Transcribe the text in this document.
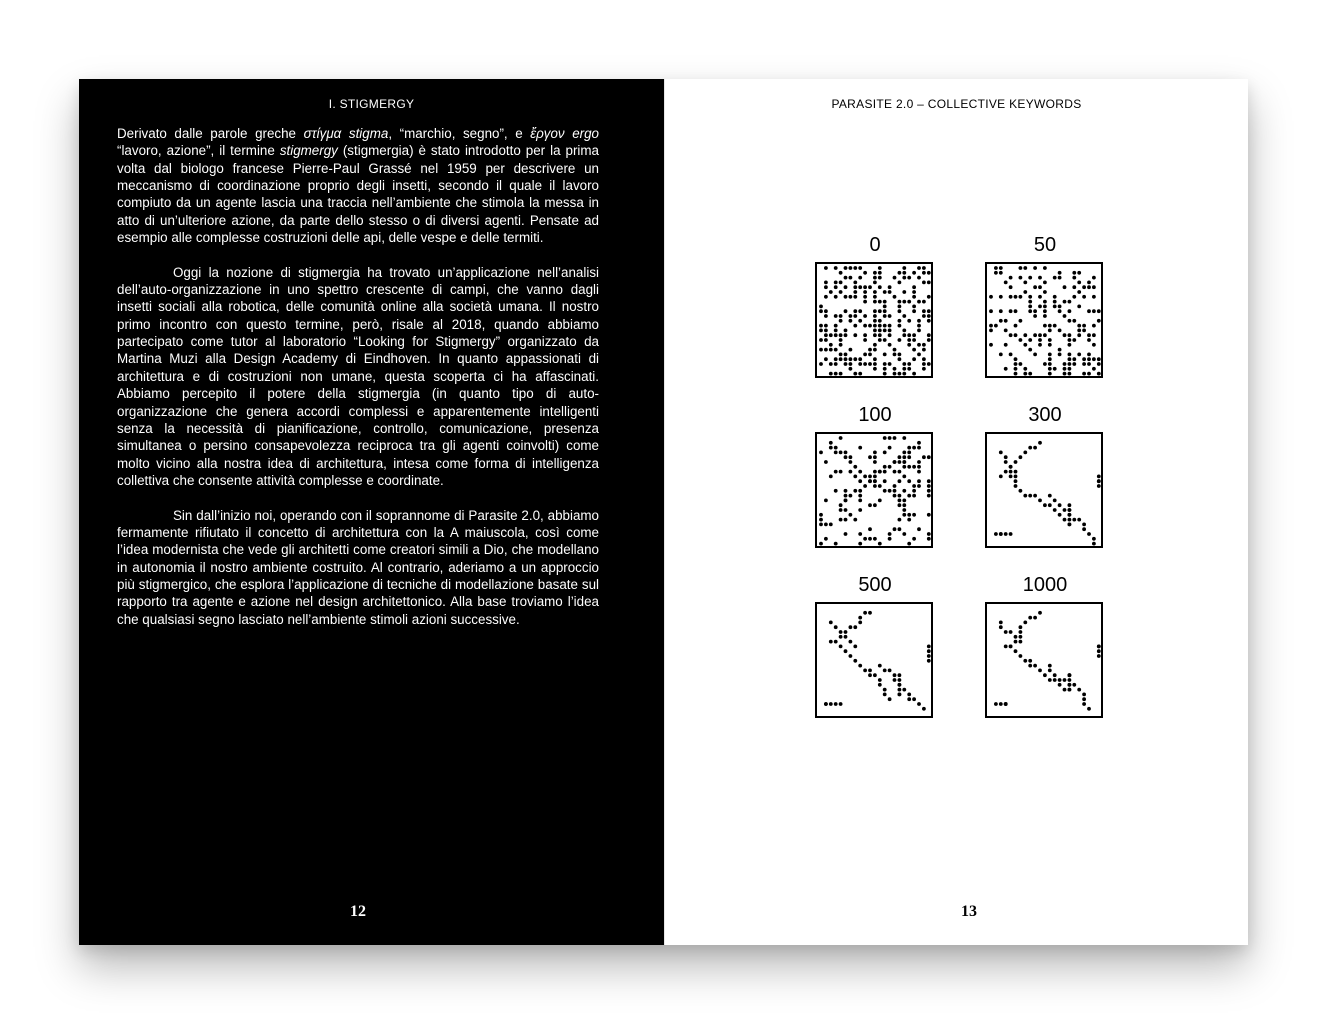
I. STIGMERGY

Derivato dalle parole greche στίγμα stigma, “marchio, segno”, e ἔργον ergo “lavoro, azione”, il termine stigmergy (stigmergia) è stato introdotto per la prima volta dal biologo francese Pierre-Paul Grassé nel 1959 per descrivere un meccanismo di coordinazione proprio degli insetti, secondo il quale il lavoro compiuto da un agente lascia una traccia nell’ambiente che stimola la messa in atto di un’ulteriore azione, da parte dello stesso o di diversi agenti. Pensate ad esempio alle complesse costruzioni delle api, delle vespe e delle termiti.

Oggi la nozione di stigmergia ha trovato un’applicazione nell’analisi dell’auto-organizzazione in uno spettro crescente di campi, che vanno dagli insetti sociali alla robotica, delle comunità online alla società umana. Il nostro primo incontro con questo termine, però, risale al 2018, quando abbiamo partecipato come tutor al laboratorio “Looking for Stigmergy” organizzato da Martina Muzi alla Design Academy di Eindhoven. In quanto appassionati di architettura e di costruzioni non umane, questa scoperta ci ha affascinati. Abbiamo percepito il potere della stigmergia (in quanto tipo di auto-organizzazione che genera accordi complessi e apparentemente intelligenti senza la necessità di pianificazione, controllo, comunicazione, presenza simultanea o persino consapevolezza reciproca tra gli agenti coinvolti) come molto vicino alla nostra idea di architettura, intesa come forma di intelligenza collettiva che consente attività complesse e coordinate.

Sin dall’inizio noi, operando con il soprannome di Parasite 2.0, abbiamo fermamente rifiutato il concetto di architettura con la A maiuscola, così come l’idea modernista che vede gli architetti come creatori simili a Dio, che modellano in autonomia il nostro ambiente costruito. Al contrario, aderiamo a un approccio più stigmergico, che esplora l’applicazione di tecniche di modellazione basate sul rapporto tra agente e azione nel design architettonico. Alla base troviamo l’idea che qualsiasi segno lasciato nell’ambiente stimoli azioni successive.

12
PARASITE 2.0 – COLLECTIVE KEYWORDS
0	50
100	300
500	1000
13
